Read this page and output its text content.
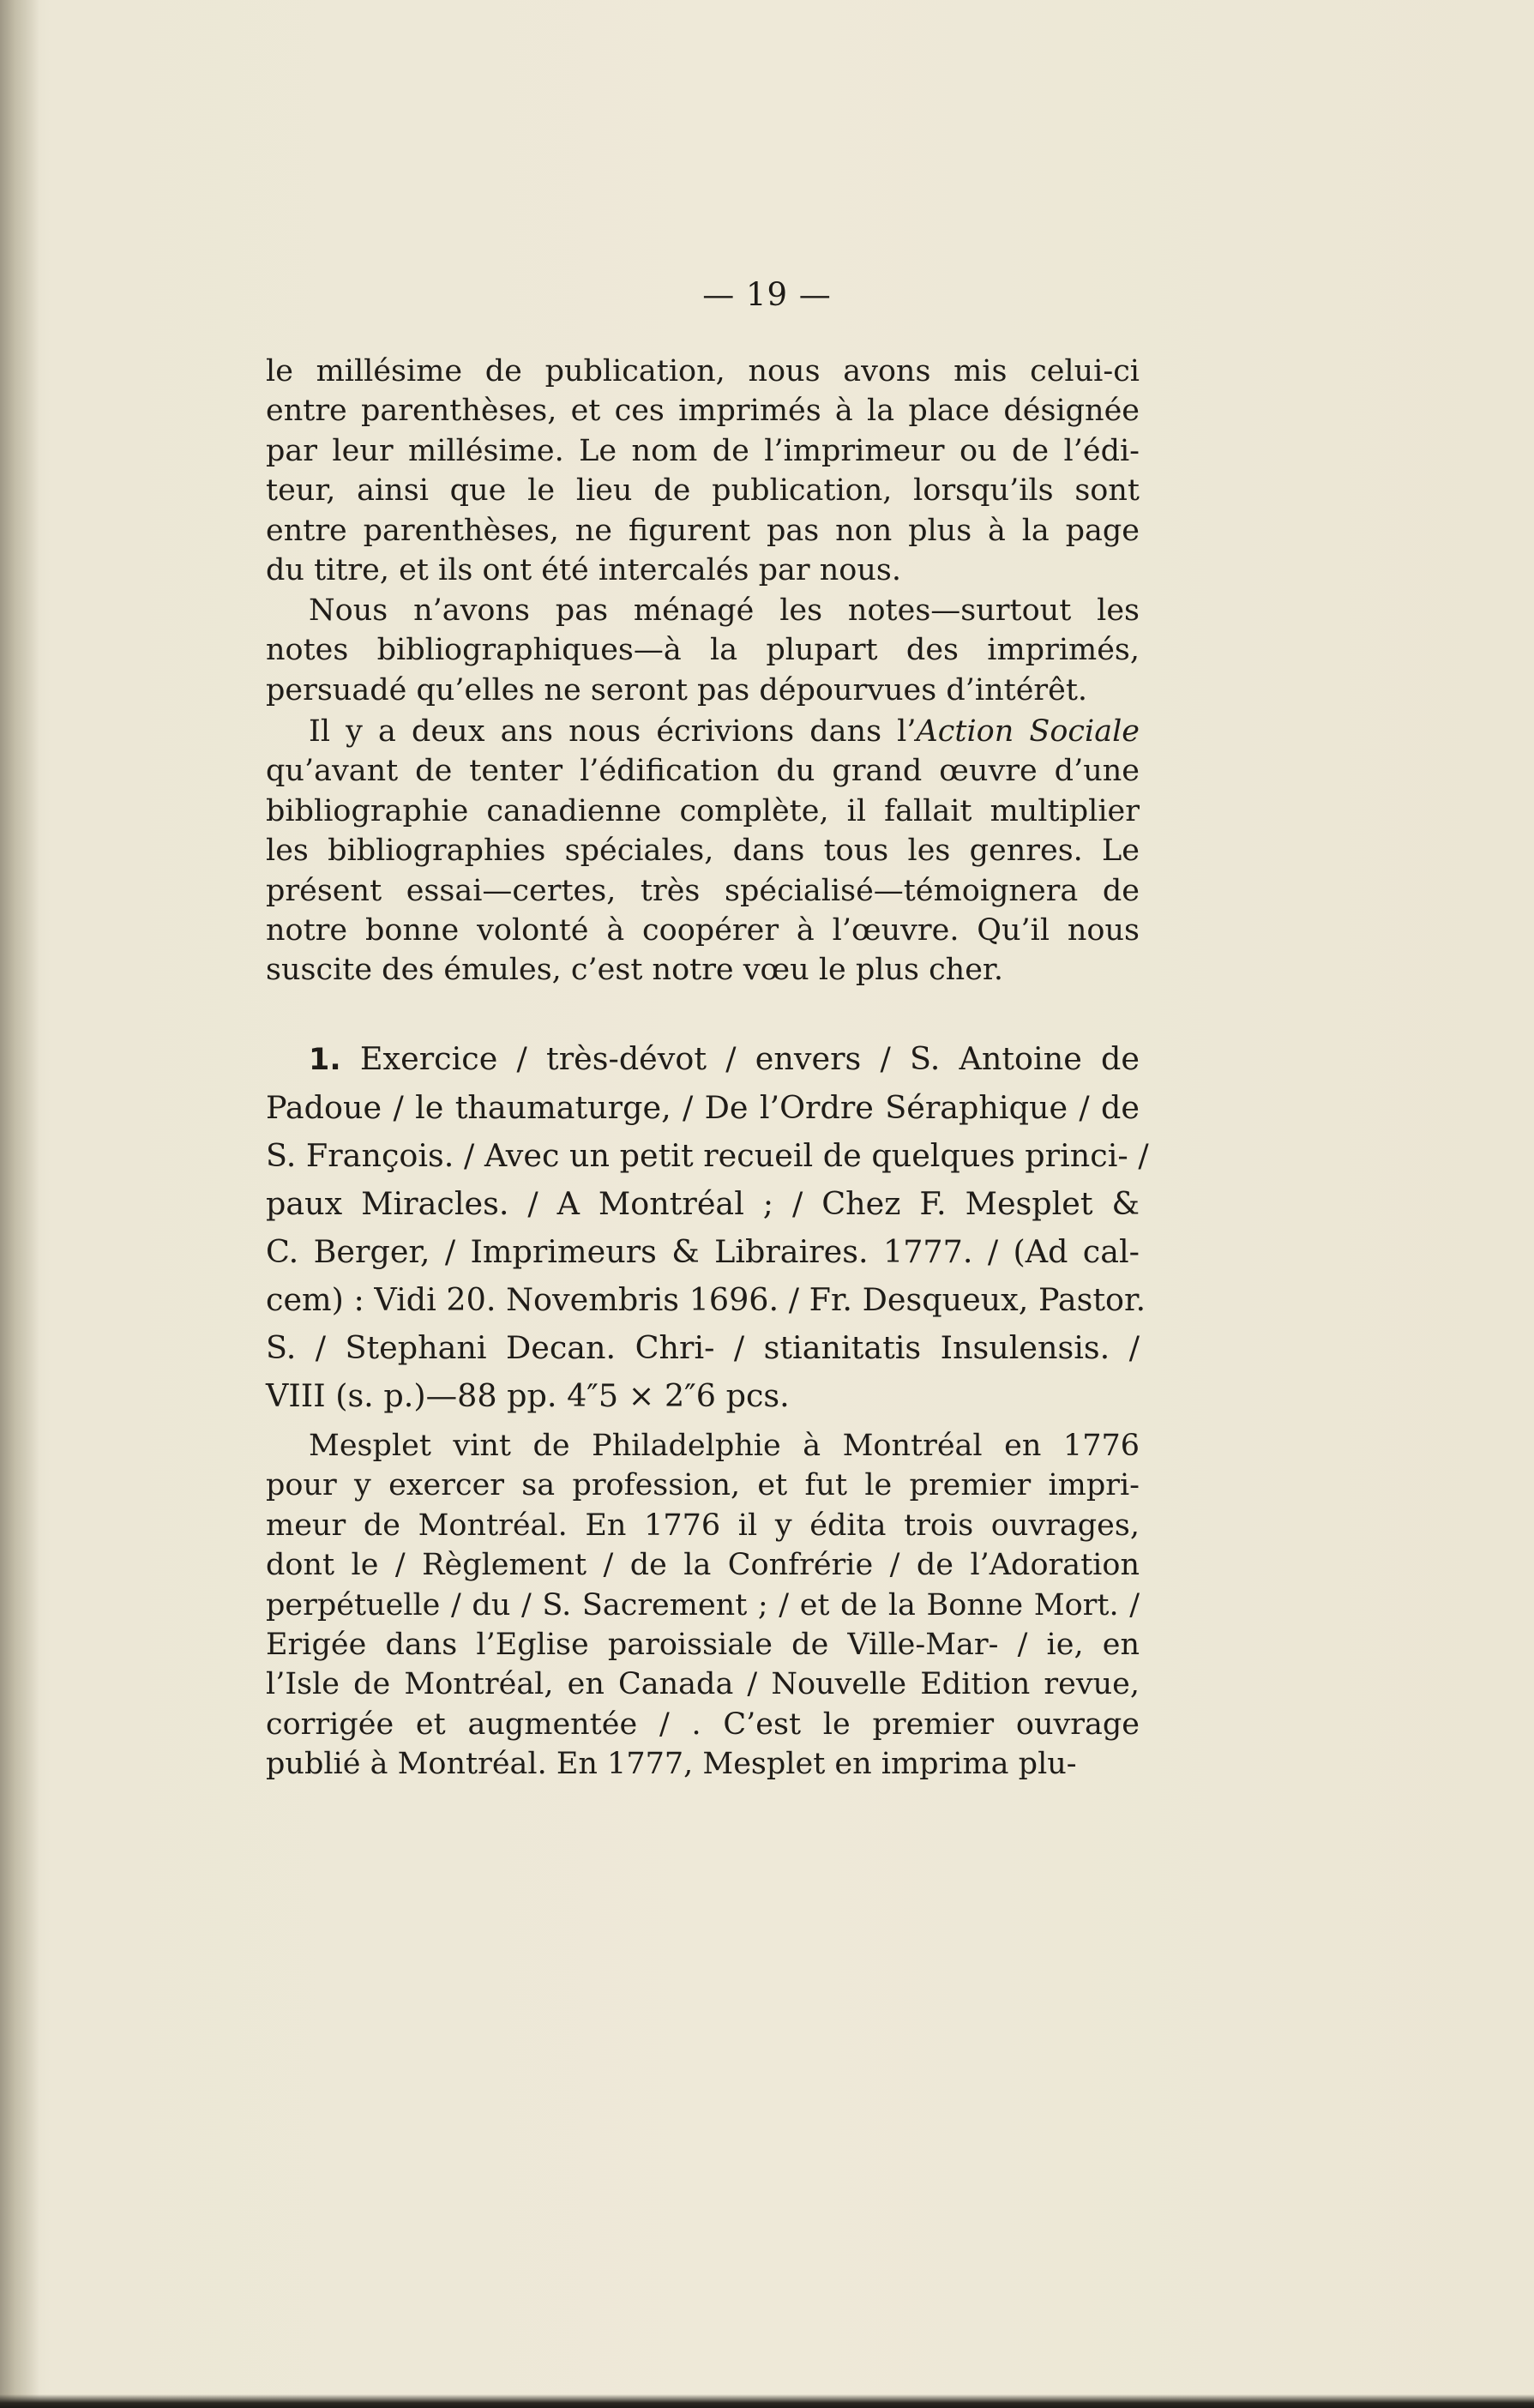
— 19 —
le millésime de publication, nous avons mis celui-ci
entre parenthèses, et ces imprimés à la place désignée
par leur millésime. Le nom de l’imprimeur ou de l’édi-
teur, ainsi que le lieu de publication, lorsqu’ils sont
entre parenthèses, ne figurent pas non plus à la page
du titre, et ils ont été intercalés par nous.
Nous n’avons pas ménagé les notes—surtout les
notes bibliographiques—à la plupart des imprimés,
persuadé qu’elles ne seront pas dépourvues d’intérêt.
Il y a deux ans nous écrivions dans l’Action Sociale
qu’avant de tenter l’édification du grand œuvre d’une
bibliographie canadienne complète, il fallait multiplier
les bibliographies spéciales, dans tous les genres. Le
présent essai—certes, très spécialisé—témoignera de
notre bonne volonté à coopérer à l’œuvre. Qu’il nous
suscite des émules, c’est notre vœu le plus cher.
1. Exercice / très-dévot / envers / S. Antoine de
Padoue / le thaumaturge, / De l’Ordre Séraphique / de
S. François. / Avec un petit recueil de quelques princi- /
paux Miracles. / A Montréal ; / Chez F. Mesplet &
C. Berger, / Imprimeurs & Libraires. 1777. / (Ad cal-
cem) : Vidi 20. Novembris 1696. / Fr. Desqueux, Pastor.
S. / Stephani Decan. Chri- / stianitatis Insulensis. /
VIII (s. p.)—88 pp. 4″5 × 2″6 pcs.
Mesplet vint de Philadelphie à Montréal en 1776
pour y exercer sa profession, et fut le premier impri-
meur de Montréal. En 1776 il y édita trois ouvrages,
dont le / Règlement / de la Confrérie / de l’Adoration
perpétuelle / du / S. Sacrement ; / et de la Bonne Mort. /
Erigée dans l’Eglise paroissiale de Ville-Mar- / ie, en
l’Isle de Montréal, en Canada / Nouvelle Edition revue,
corrigée et augmentée / . C’est le premier ouvrage
publié à Montréal. En 1777, Mesplet en imprima plu-
